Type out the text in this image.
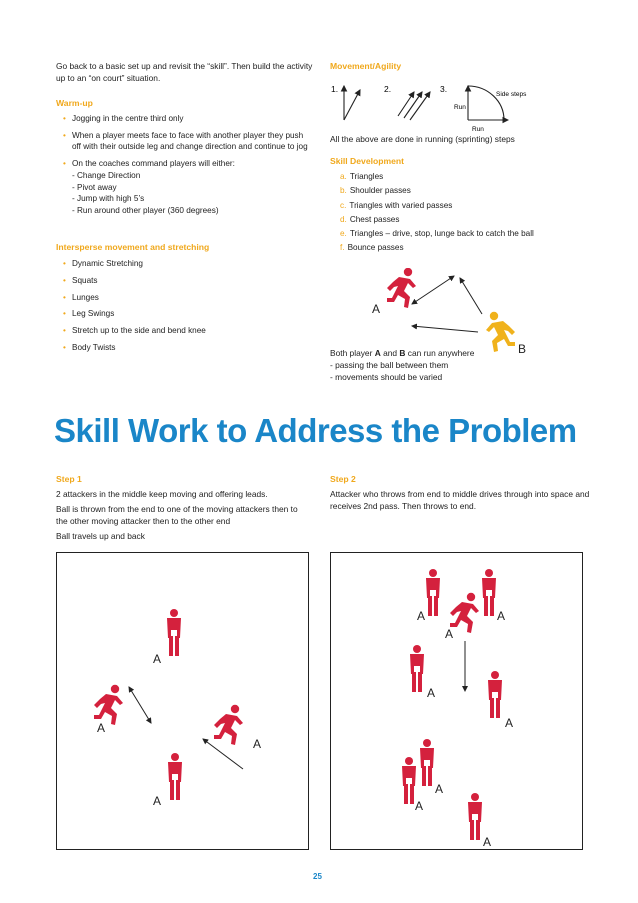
Go back to a basic set up and revisit the “skill”. Then build the activity up to an “on court” situation.
Warm-up
• Jogging in the centre third only
• When a player meets face to face with another player they push off with their outside leg and change direction and continue to jog
• On the coaches command players will either:
- Change Direction
- Pivot away
- Jump with high 5’s
- Run around other player (360 degrees)
Intersperse movement and stretching
• Dynamic Stretching
• Squats
• Lunges
• Leg Swings
• Stretch up to the side and bend knee
• Body Twists
Movement/Agility
1.	2.	3.
Side steps
Run
Run
All the above are done in running (sprinting) steps
Skill Development
a. Triangles
b. Shoulder passes
c. Triangles with varied passes
d. Chest passes
e. Triangles – drive, stop, lunge back to catch the ball
f. Bounce passes
A
B
Both player A and B can run anywhere
- passing the ball between them
- movements should be varied
Skill Work to Address the Problem
Step 1
2 attackers in the middle keep moving and offering leads.
Ball is thrown from the end to one of the moving attackers then to the other moving attacker then to the other end
Ball travels up and back
Step 2
Attacker who throws from end to middle drives through into space and receives 2nd pass. Then throws to end.
A
A
A
A
A	A
A
A
A
A
A
A
25
